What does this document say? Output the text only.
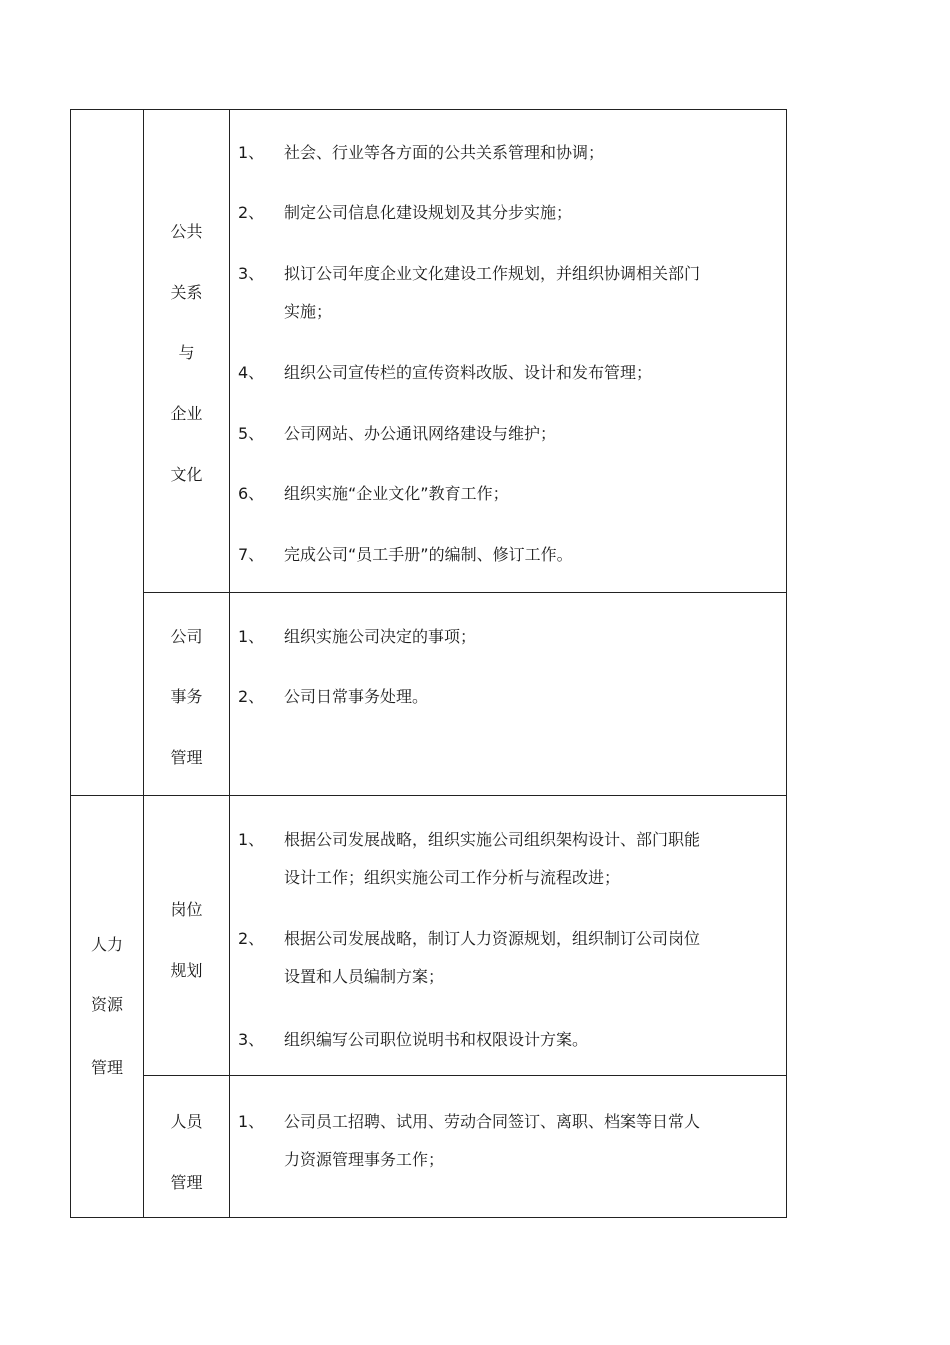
公共
关系
与
企业
文化
1、 社会、行业等各方面的公共关系管理和协调；
2、 制定公司信息化建设规划及其分步实施；
3、 拟订公司年度企业文化建设工作规划，并组织协调相关部门
实施；
4、 组织公司宣传栏的宣传资料改版、设计和发布管理；
5、 公司网站、办公通讯网络建设与维护；
6、 组织实施“企业文化”教育工作；
7、 完成公司“员工手册”的编制、修订工作。
公司
事务
管理
1、 组织实施公司决定的事项；
2、 公司日常事务处理。
人力
资源
管理
岗位
规划
1、 根据公司发展战略，组织实施公司组织架构设计、部门职能
设计工作；组织实施公司工作分析与流程改进；
2、 根据公司发展战略，制订人力资源规划，组织制订公司岗位
设置和人员编制方案；
3、 组织编写公司职位说明书和权限设计方案。
人员
管理
1、 公司员工招聘、试用、劳动合同签订、离职、档案等日常人
力资源管理事务工作；
